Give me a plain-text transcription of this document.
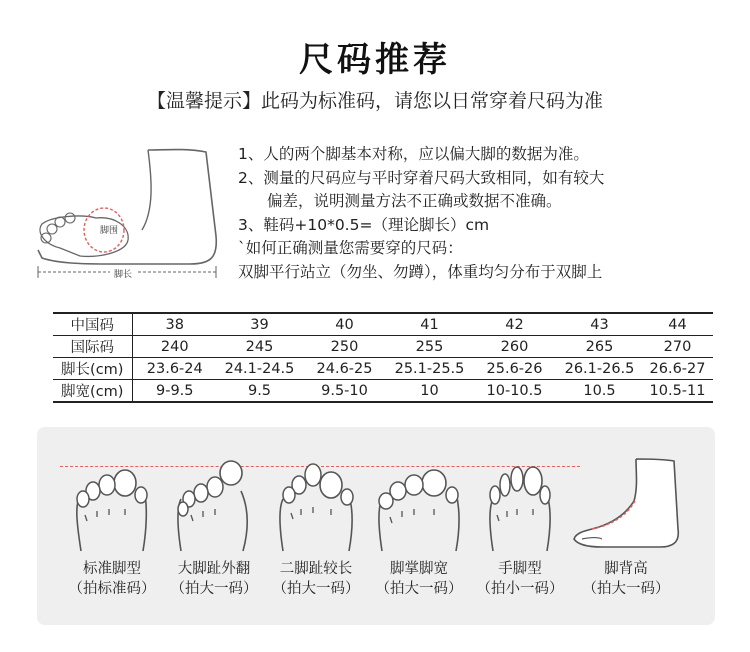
尺码推荐
【温馨提示】此码为标准码，请您以日常穿着尺码为准
脚围
脚长
1、人的两个脚基本对称，应以偏大脚的数据为准。
2、测量的尺码应与平时穿着尺码大致相同，如有较大
偏差，说明测量方法不正确或数据不准确。
3、鞋码+10*0.5=（理论脚长）cm
`如何正确测量您需要穿的尺码：
双脚平行站立（勿坐、勿蹲），体重均匀分布于双脚上
中国码	38	39	40	41	42	43	44
国际码	240	245	250	255	260	265	270
脚长(cm)	23.6-24	24.1-24.5	24.6-25	25.1-25.5	25.6-26	26.1-26.5	26.6-27
脚宽(cm)	9-9.5	9.5	9.5-10	10	10-10.5	10.5	10.5-11
标准脚型
（拍标准码）
大脚趾外翻
（拍大一码）
二脚趾较长
（拍大一码）
脚掌脚宽
（拍大一码）
手脚型
（拍小一码）
脚背高
（拍大一码）
